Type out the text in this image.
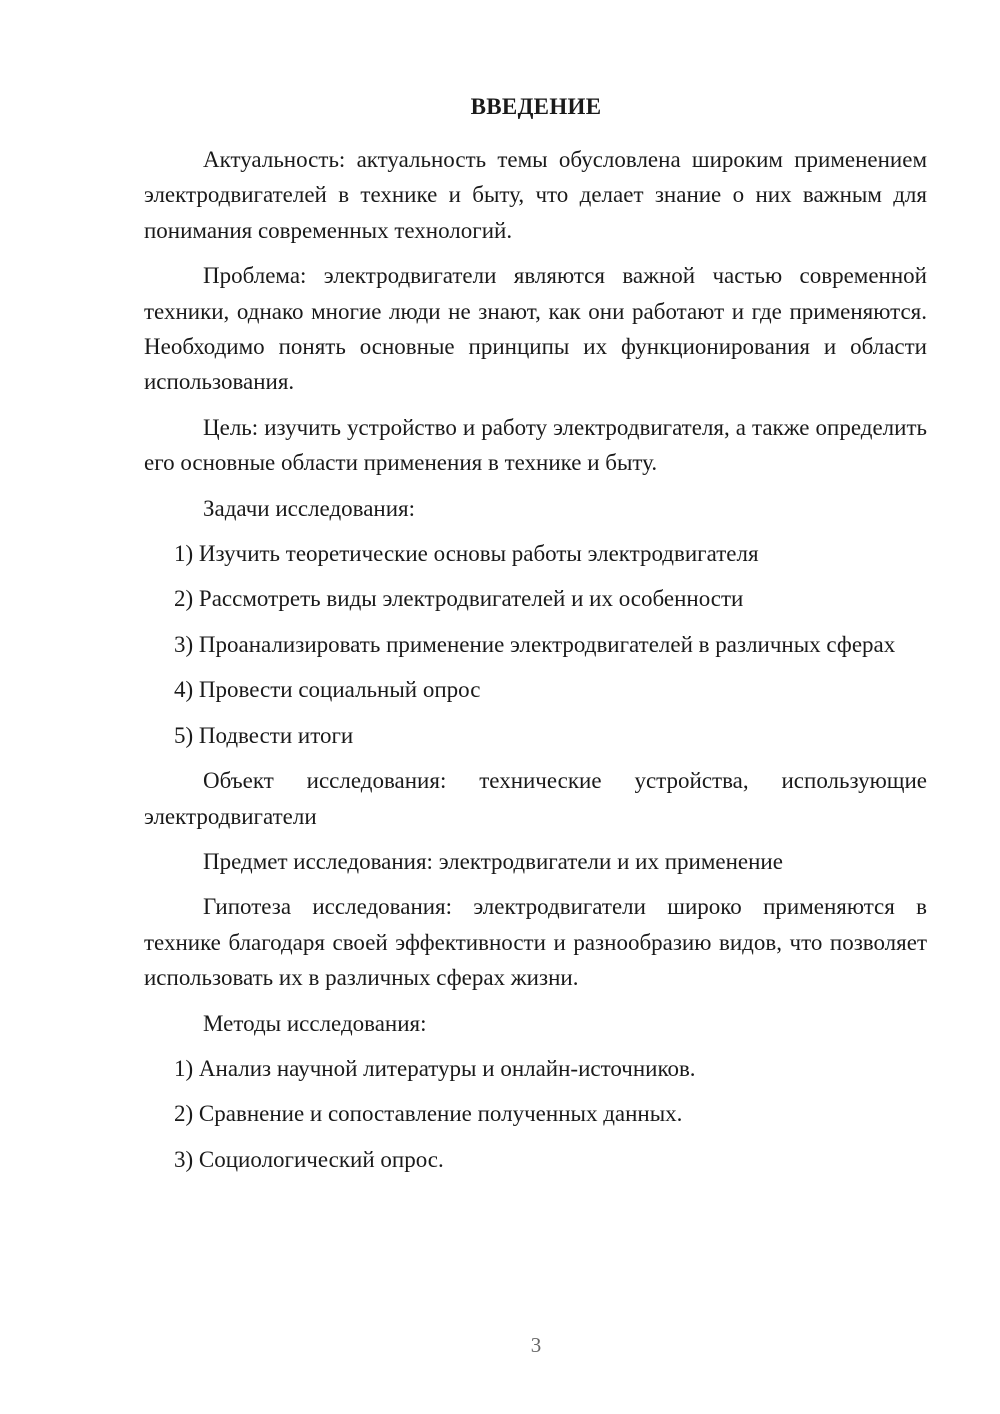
ВВЕДЕНИЕ

Актуальность: актуальность темы обусловлена широким применением электродвигателей в технике и быту, что делает знание о них важным для понимания современных технологий.

Проблема: электродвигатели являются важной частью современной техники, однако многие люди не знают, как они работают и где применяются. Необходимо понять основные принципы их функционирования и области использования.

Цель: изучить устройство и работу электродвигателя, а также определить его основные области применения в технике и быту.

Задачи исследования:

1) Изучить теоретические основы работы электродвигателя

2) Рассмотреть виды электродвигателей и их особенности

3) Проанализировать применение электродвигателей в различных сферах

4) Провести социальный опрос

5) Подвести итоги

Объект исследования: технические устройства, использующие электродвигатели

Предмет исследования: электродвигатели и их применение

Гипотеза исследования: электродвигатели широко применяются в технике благодаря своей эффективности и разнообразию видов, что позволяет использовать их в различных сферах жизни.

Методы исследования:

1) Анализ научной литературы и онлайн-источников.

2) Сравнение и сопоставление полученных данных.

3) Социологический опрос.

3
